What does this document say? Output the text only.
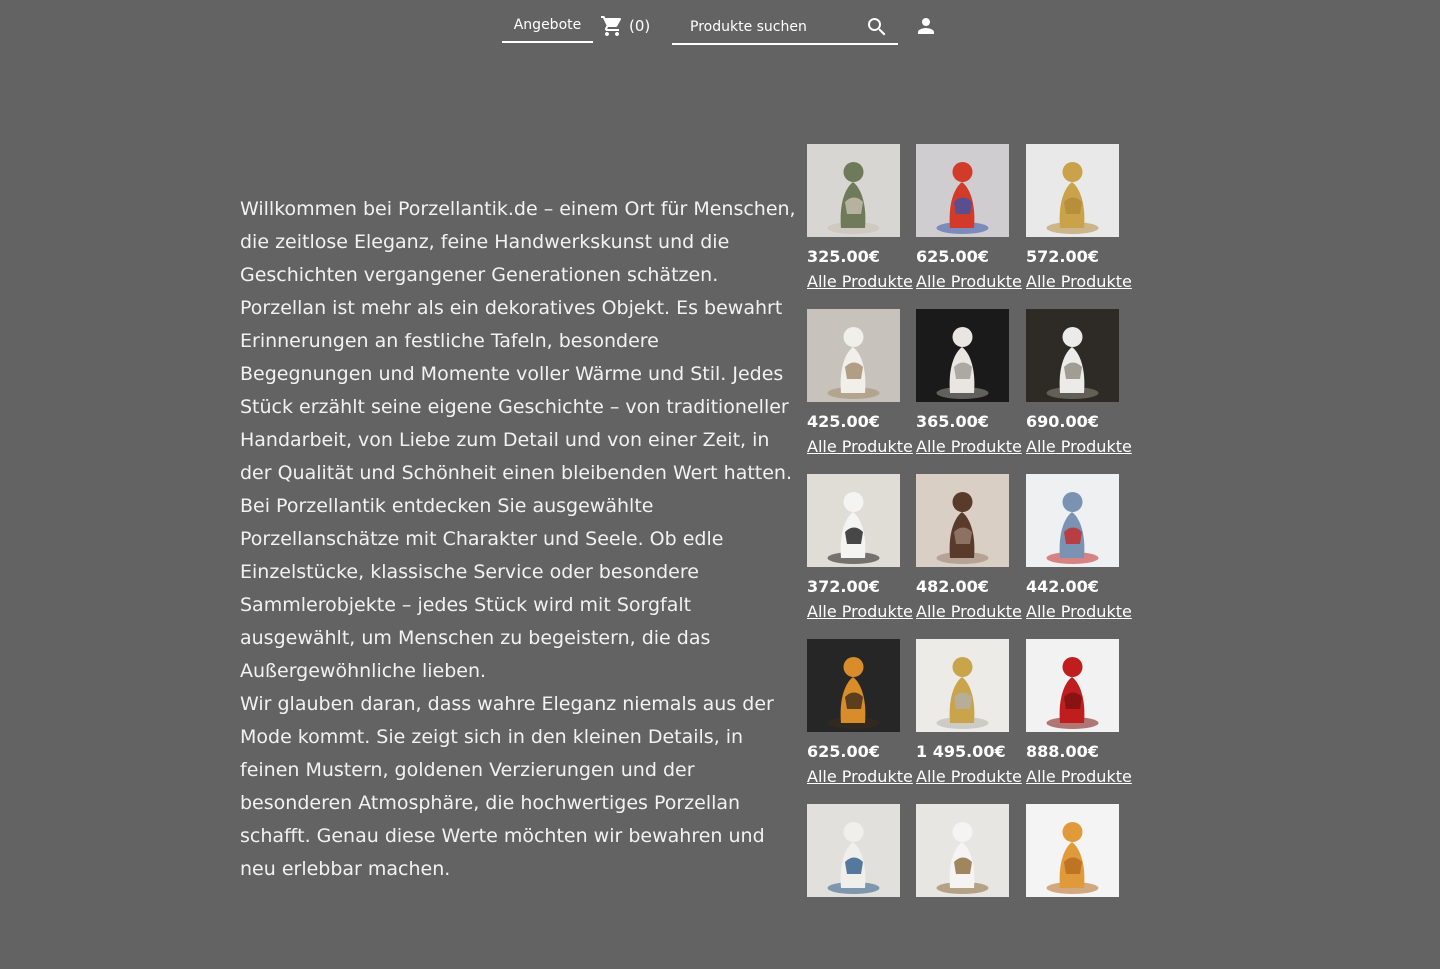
Angebote	(0)
Produkte suchen

Willkommen bei Porzellantik.de – einem Ort für Menschen, die zeitlose Eleganz, feine Handwerkskunst und die Geschichten vergangener Generationen schätzen.

Porzellan ist mehr als ein dekoratives Objekt. Es bewahrt Erinnerungen an festliche Tafeln, besondere Begegnungen und Momente voller Wärme und Stil. Jedes Stück erzählt seine eigene Geschichte – von traditioneller Handarbeit, von Liebe zum Detail und von einer Zeit, in der Qualität und Schönheit einen bleibenden Wert hatten.

Bei Porzellantik entdecken Sie ausgewählte Porzellanschätze mit Charakter und Seele. Ob edle Einzelstücke, klassische Service oder besondere Sammlerobjekte – jedes Stück wird mit Sorgfalt ausgewählt, um Menschen zu begeistern, die das Außergewöhnliche lieben.

Wir glauben daran, dass wahre Eleganz niemals aus der Mode kommt. Sie zeigt sich in den kleinen Details, in feinen Mustern, goldenen Verzierungen und der besonderen Atmosphäre, die hochwertiges Porzellan schafft. Genau diese Werte möchten wir bewahren und neu erlebbar machen.

325.00€
Alle Produkte
625.00€
Alle Produkte
572.00€
Alle Produkte
425.00€
Alle Produkte
365.00€
Alle Produkte
690.00€
Alle Produkte
372.00€
Alle Produkte
482.00€
Alle Produkte
442.00€
Alle Produkte
625.00€
Alle Produkte
1 495.00€
Alle Produkte
888.00€
Alle Produkte
